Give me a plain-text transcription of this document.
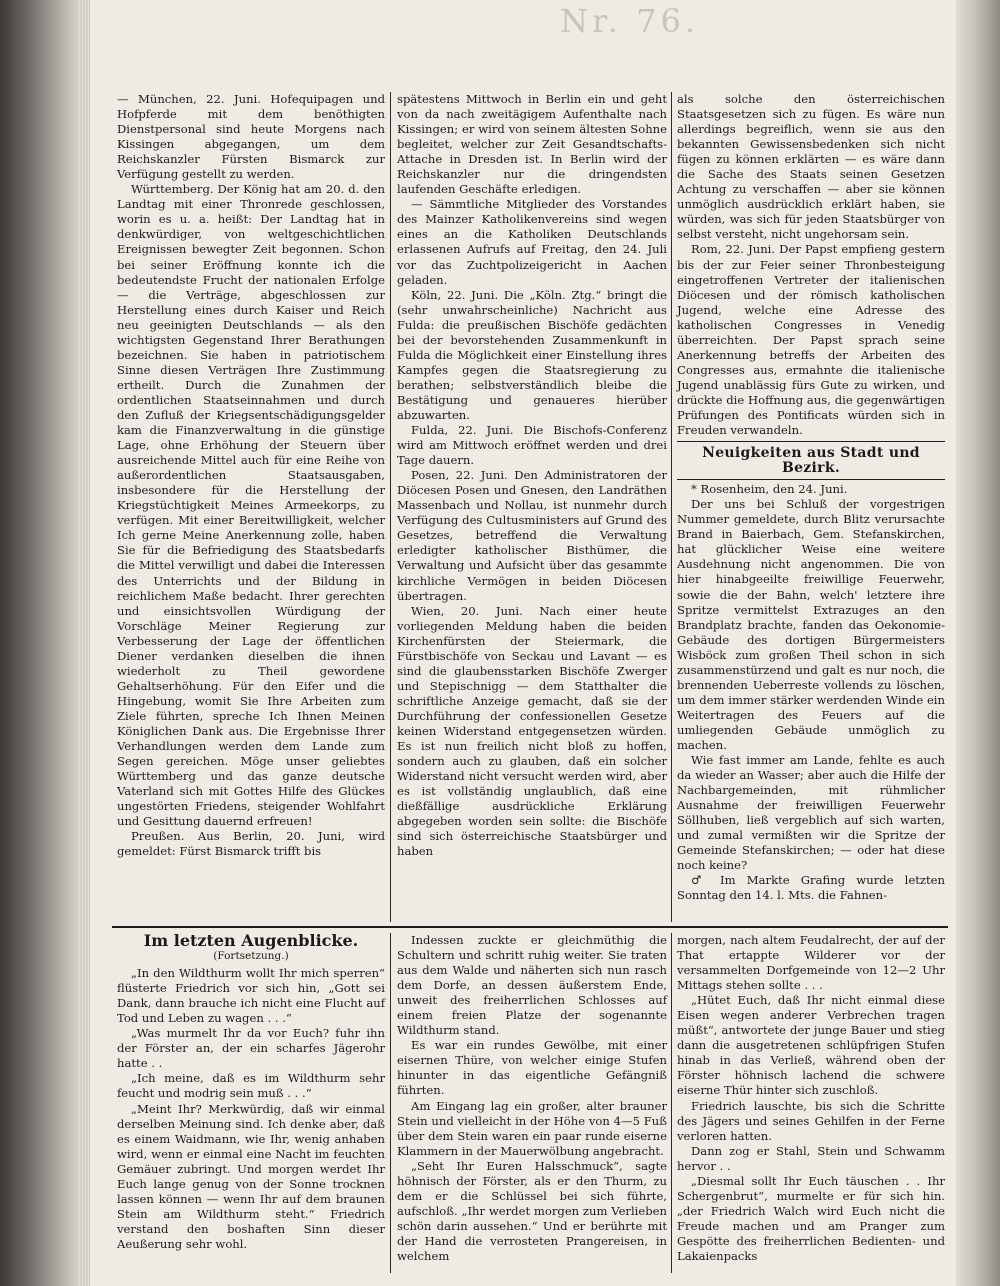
Nr. 76.

— München, 22. Juni. Hofequipagen und Hofpferde mit dem benöthigten Dienstpersonal sind heute Morgens nach Kissingen abgegangen, um dem Reichskanzler Fürsten Bismarck zur Verfügung gestellt zu werden.

Württemberg. Der König hat am 20. d. den Landtag mit einer Thronrede geschlossen, worin es u. a. heißt: Der Landtag hat in denkwürdiger, von weltgeschichtlichen Ereignissen bewegter Zeit begonnen. Schon bei seiner Eröffnung konnte ich die bedeutendste Frucht der nationalen Erfolge — die Verträge, abgeschlossen zur Herstellung eines durch Kaiser und Reich neu geeinigten Deutschlands — als den wichtigsten Gegenstand Ihrer Berathungen bezeichnen. Sie haben in patriotischem Sinne diesen Verträgen Ihre Zustimmung ertheilt. Durch die Zunahmen der ordentlichen Staatseinnahmen und durch den Zufluß der Kriegsentschädigungsgelder kam die Finanzverwaltung in die günstige Lage, ohne Erhöhung der Steuern über ausreichende Mittel auch für eine Reihe von außerordentlichen Staatsausgaben, insbesondere für die Herstellung der Kriegstüchtigkeit Meines Armeekorps, zu verfügen. Mit einer Bereitwilligkeit, welcher Ich gerne Meine Anerkennung zolle, haben Sie für die Befriedigung des Staatsbedarfs die Mittel verwilligt und dabei die Interessen des Unterrichts und der Bildung in reichlichem Maße bedacht. Ihrer gerechten und einsichtsvollen Würdigung der Vorschläge Meiner Regierung zur Verbesserung der Lage der öffentlichen Diener verdanken dieselben die ihnen wiederholt zu Theil gewordene Gehaltserhöhung. Für den Eifer und die Hingebung, womit Sie Ihre Arbeiten zum Ziele führten, spreche Ich Ihnen Meinen Königlichen Dank aus. Die Ergebnisse Ihrer Verhandlungen werden dem Lande zum Segen gereichen. Möge unser geliebtes Württemberg und das ganze deutsche Vaterland sich mit Gottes Hilfe des Glückes ungestörten Friedens, steigender Wohlfahrt und Gesittung dauernd erfreuen!

Preußen. Aus Berlin, 20. Juni, wird gemeldet: Fürst Bismarck trifft bis

spätestens Mittwoch in Berlin ein und geht von da nach zweitägigem Aufenthalte nach Kissingen; er wird von seinem ältesten Sohne begleitet, welcher zur Zeit Gesandtschafts-Attache in Dresden ist. In Berlin wird der Reichskanzler nur die dringendsten laufenden Geschäfte erledigen.

— Sämmtliche Mitglieder des Vorstandes des Mainzer Katholikenvereins sind wegen eines an die Katholiken Deutschlands erlassenen Aufrufs auf Freitag, den 24. Juli vor das Zuchtpolizeigericht in Aachen geladen.

Köln, 22. Juni. Die „Köln. Ztg.“ bringt die (sehr unwahrscheinliche) Nachricht aus Fulda: die preußischen Bischöfe gedächten bei der bevorstehenden Zusammenkunft in Fulda die Möglichkeit einer Einstellung ihres Kampfes gegen die Staatsregierung zu berathen; selbstverständlich bleibe die Bestätigung und genaueres hierüber abzuwarten.

Fulda, 22. Juni. Die Bischofs-Conferenz wird am Mittwoch eröffnet werden und drei Tage dauern.

Posen, 22. Juni. Den Administratoren der Diöcesen Posen und Gnesen, den Landräthen Massenbach und Nollau, ist nunmehr durch Verfügung des Cultusministers auf Grund des Gesetzes, betreffend die Verwaltung erledigter katholischer Bisthümer, die Verwaltung und Aufsicht über das gesammte kirchliche Vermögen in beiden Diöcesen übertragen.

Wien, 20. Juni. Nach einer heute vorliegenden Meldung haben die beiden Kirchenfürsten der Steiermark, die Fürstbischöfe von Seckau und Lavant — es sind die glaubensstarken Bischöfe Zwerger und Stepischnigg — dem Statthalter die schriftliche Anzeige gemacht, daß sie der Durchführung der confessionellen Gesetze keinen Widerstand entgegensetzen würden. Es ist nun freilich nicht bloß zu hoffen, sondern auch zu glauben, daß ein solcher Widerstand nicht versucht werden wird, aber es ist vollständig unglaublich, daß eine dießfällige ausdrückliche Erklärung abgegeben worden sein sollte: die Bischöfe sind sich österreichische Staatsbürger und haben

als solche den österreichischen Staatsgesetzen sich zu fügen. Es wäre nun allerdings begreiflich, wenn sie aus den bekannten Gewissensbedenken sich nicht fügen zu können erklärten — es wäre dann die Sache des Staats seinen Gesetzen Achtung zu verschaffen — aber sie können unmöglich ausdrücklich erklärt haben, sie würden, was sich für jeden Staatsbürger von selbst versteht, nicht ungehorsam sein.

Rom, 22. Juni. Der Papst empfieng gestern bis der zur Feier seiner Thronbesteigung eingetroffenen Vertreter der italienischen Diöcesen und der römisch katholischen Jugend, welche eine Adresse des katholischen Congresses in Venedig überreichten. Der Papst sprach seine Anerkennung betreffs der Arbeiten des Congresses aus, ermahnte die italienische Jugend unablässig fürs Gute zu wirken, und drückte die Hoffnung aus, die gegenwärtigen Prüfungen des Pontificats würden sich in Freuden verwandeln.

Neuigkeiten aus Stadt und Bezirk.

* Rosenheim, den 24. Juni.

Der uns bei Schluß der vorgestrigen Nummer gemeldete, durch Blitz verursachte Brand in Baierbach, Gem. Stefanskirchen, hat glücklicher Weise eine weitere Ausdehnung nicht angenommen. Die von hier hinabgeeilte freiwillige Feuerwehr, sowie die der Bahn, welch' letztere ihre Spritze vermittelst Extrazuges an den Brandplatz brachte, fanden das Oekonomie-Gebäude des dortigen Bürgermeisters Wisböck zum großen Theil schon in sich zusammenstürzend und galt es nur noch, die brennenden Ueberreste vollends zu löschen, um dem immer stärker werdenden Winde ein Weitertragen des Feuers auf die umliegenden Gebäude unmöglich zu machen.

Wie fast immer am Lande, fehlte es auch da wieder an Wasser; aber auch die Hilfe der Nachbargemeinden, mit rühmlicher Ausnahme der freiwilligen Feuerwehr Söllhuben, ließ vergeblich auf sich warten, und zumal vermißten wir die Spritze der Gemeinde Stefanskirchen; — oder hat diese noch keine?

♂ Im Markte Grafing wurde letzten Sonntag den 14. l. Mts. die Fahnen-

Im letzten Augenblicke.
(Fortsetzung.)

„In den Wildthurm wollt Ihr mich sperren“ flüsterte Friedrich vor sich hin, „Gott sei Dank, dann brauche ich nicht eine Flucht auf Tod und Leben zu wagen . . .“

„Was murmelt Ihr da vor Euch? fuhr ihn der Förster an, der ein scharfes Jägerohr hatte . .

„Ich meine, daß es im Wildthurm sehr feucht und modrig sein muß . . .“

„Meint Ihr? Merkwürdig, daß wir einmal derselben Meinung sind. Ich denke aber, daß es einem Waidmann, wie Ihr, wenig anhaben wird, wenn er einmal eine Nacht im feuchten Gemäuer zubringt. Und morgen werdet Ihr Euch lange genug von der Sonne trocknen lassen können — wenn Ihr auf dem braunen Stein am Wildthurm steht.“ Friedrich verstand den boshaften Sinn dieser Aeußerung sehr wohl.

Indessen zuckte er gleichmüthig die Schultern und schritt ruhig weiter. Sie traten aus dem Walde und näherten sich nun rasch dem Dorfe, an dessen äußerstem Ende, unweit des freiherrlichen Schlosses auf einem freien Platze der sogenannte Wildthurm stand.

Es war ein rundes Gewölbe, mit einer eisernen Thüre, von welcher einige Stufen hinunter in das eigentliche Gefängniß führten.

Am Eingang lag ein großer, alter brauner Stein und vielleicht in der Höhe von 4—5 Fuß über dem Stein waren ein paar runde eiserne Klammern in der Mauerwölbung angebracht.

„Seht Ihr Euren Halsschmuck“, sagte höhnisch der Förster, als er den Thurm, zu dem er die Schlüssel bei sich führte, aufschloß. „Ihr werdet morgen zum Verlieben schön darin aussehen.“ Und er berührte mit der Hand die verrosteten Prangereisen, in welchem

morgen, nach altem Feudalrecht, der auf der That ertappte Wilderer vor der versammelten Dorfgemeinde von 12—2 Uhr Mittags stehen sollte . . .

„Hütet Euch, daß Ihr nicht einmal diese Eisen wegen anderer Verbrechen tragen müßt“, antwortete der junge Bauer und stieg dann die ausgetretenen schlüpfrigen Stufen hinab in das Verließ, während oben der Förster höhnisch lachend die schwere eiserne Thür hinter sich zuschloß.

Friedrich lauschte, bis sich die Schritte des Jägers und seines Gehilfen in der Ferne verloren hatten.

Dann zog er Stahl, Stein und Schwamm hervor . .

„Diesmal sollt Ihr Euch täuschen . . Ihr Schergenbrut“, murmelte er für sich hin. „der Friedrich Walch wird Euch nicht die Freude machen und am Pranger zum Gespötte des freiherrlichen Bedienten- und Lakaienpacks
